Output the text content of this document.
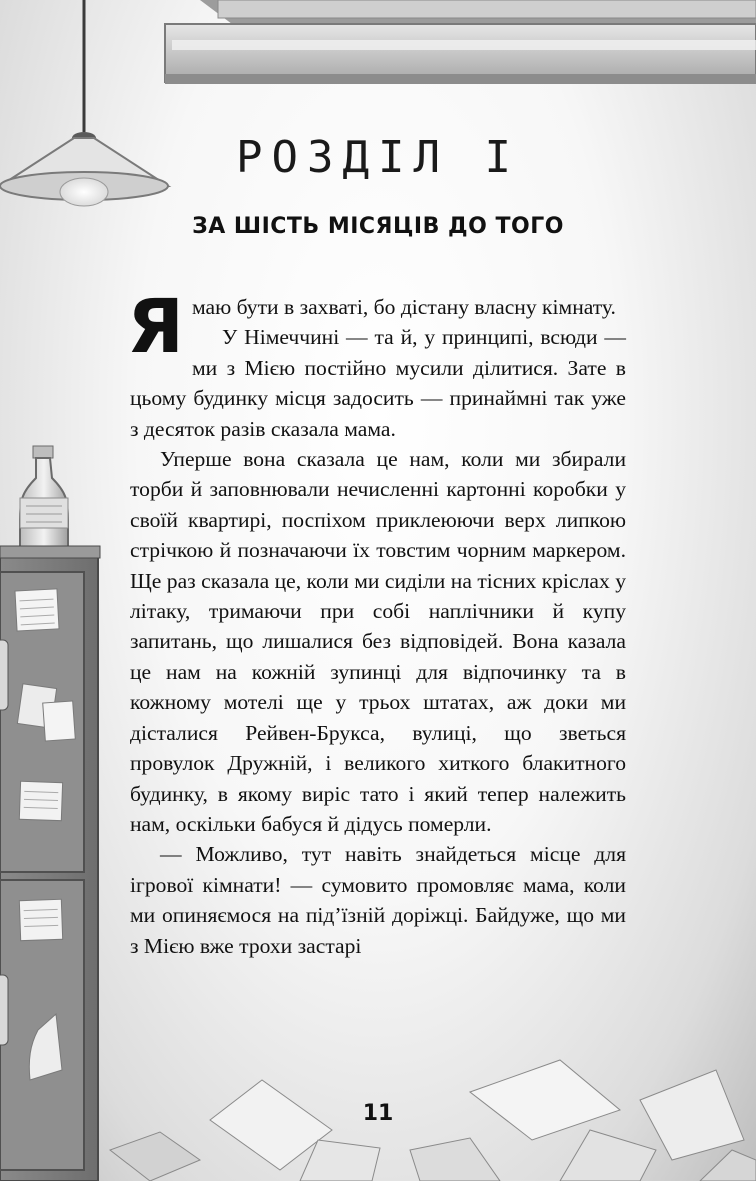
РОЗДІЛ І
ЗА ШІСТЬ МІСЯЦІВ ДО ТОГО

Ямаю бути в захваті, бо дістану власну кімнату.

У Німеччині — та й, у принципі, всюди — ми з Мією постійно мусили ділитися. Зате в цьому будинку місця задосить — принаймні так уже з десяток разів сказала мама.

Уперше вона сказала це нам, коли ми збирали торби й заповнювали нечисленні картонні коробки у своїй квартирі, поспіхом приклеюючи верх липкою стрічкою й позначаючи їх товстим чорним маркером. Ще раз сказала це, коли ми сиділи на тісних кріслах у літаку, тримаючи при собі наплічники й купу запитань, що лишалися без відповідей. Вона казала це нам на кожній зупинці для відпочинку та в кожному мотелі ще у трьох штатах, аж доки ми дісталися Рейвен-Брукса, вулиці, що зветься провулок Дружній, і великого хиткого блакитного будинку, в якому виріс тато і який тепер належить нам, оскільки бабуся й дідусь померли.

— Можливо, тут навіть знайдеться місце для ігрової кімнати! — сумовито промовляє мама, коли ми опиняємося на під’їзній доріжці. Байдуже, що ми з Мією вже трохи застарі

11
